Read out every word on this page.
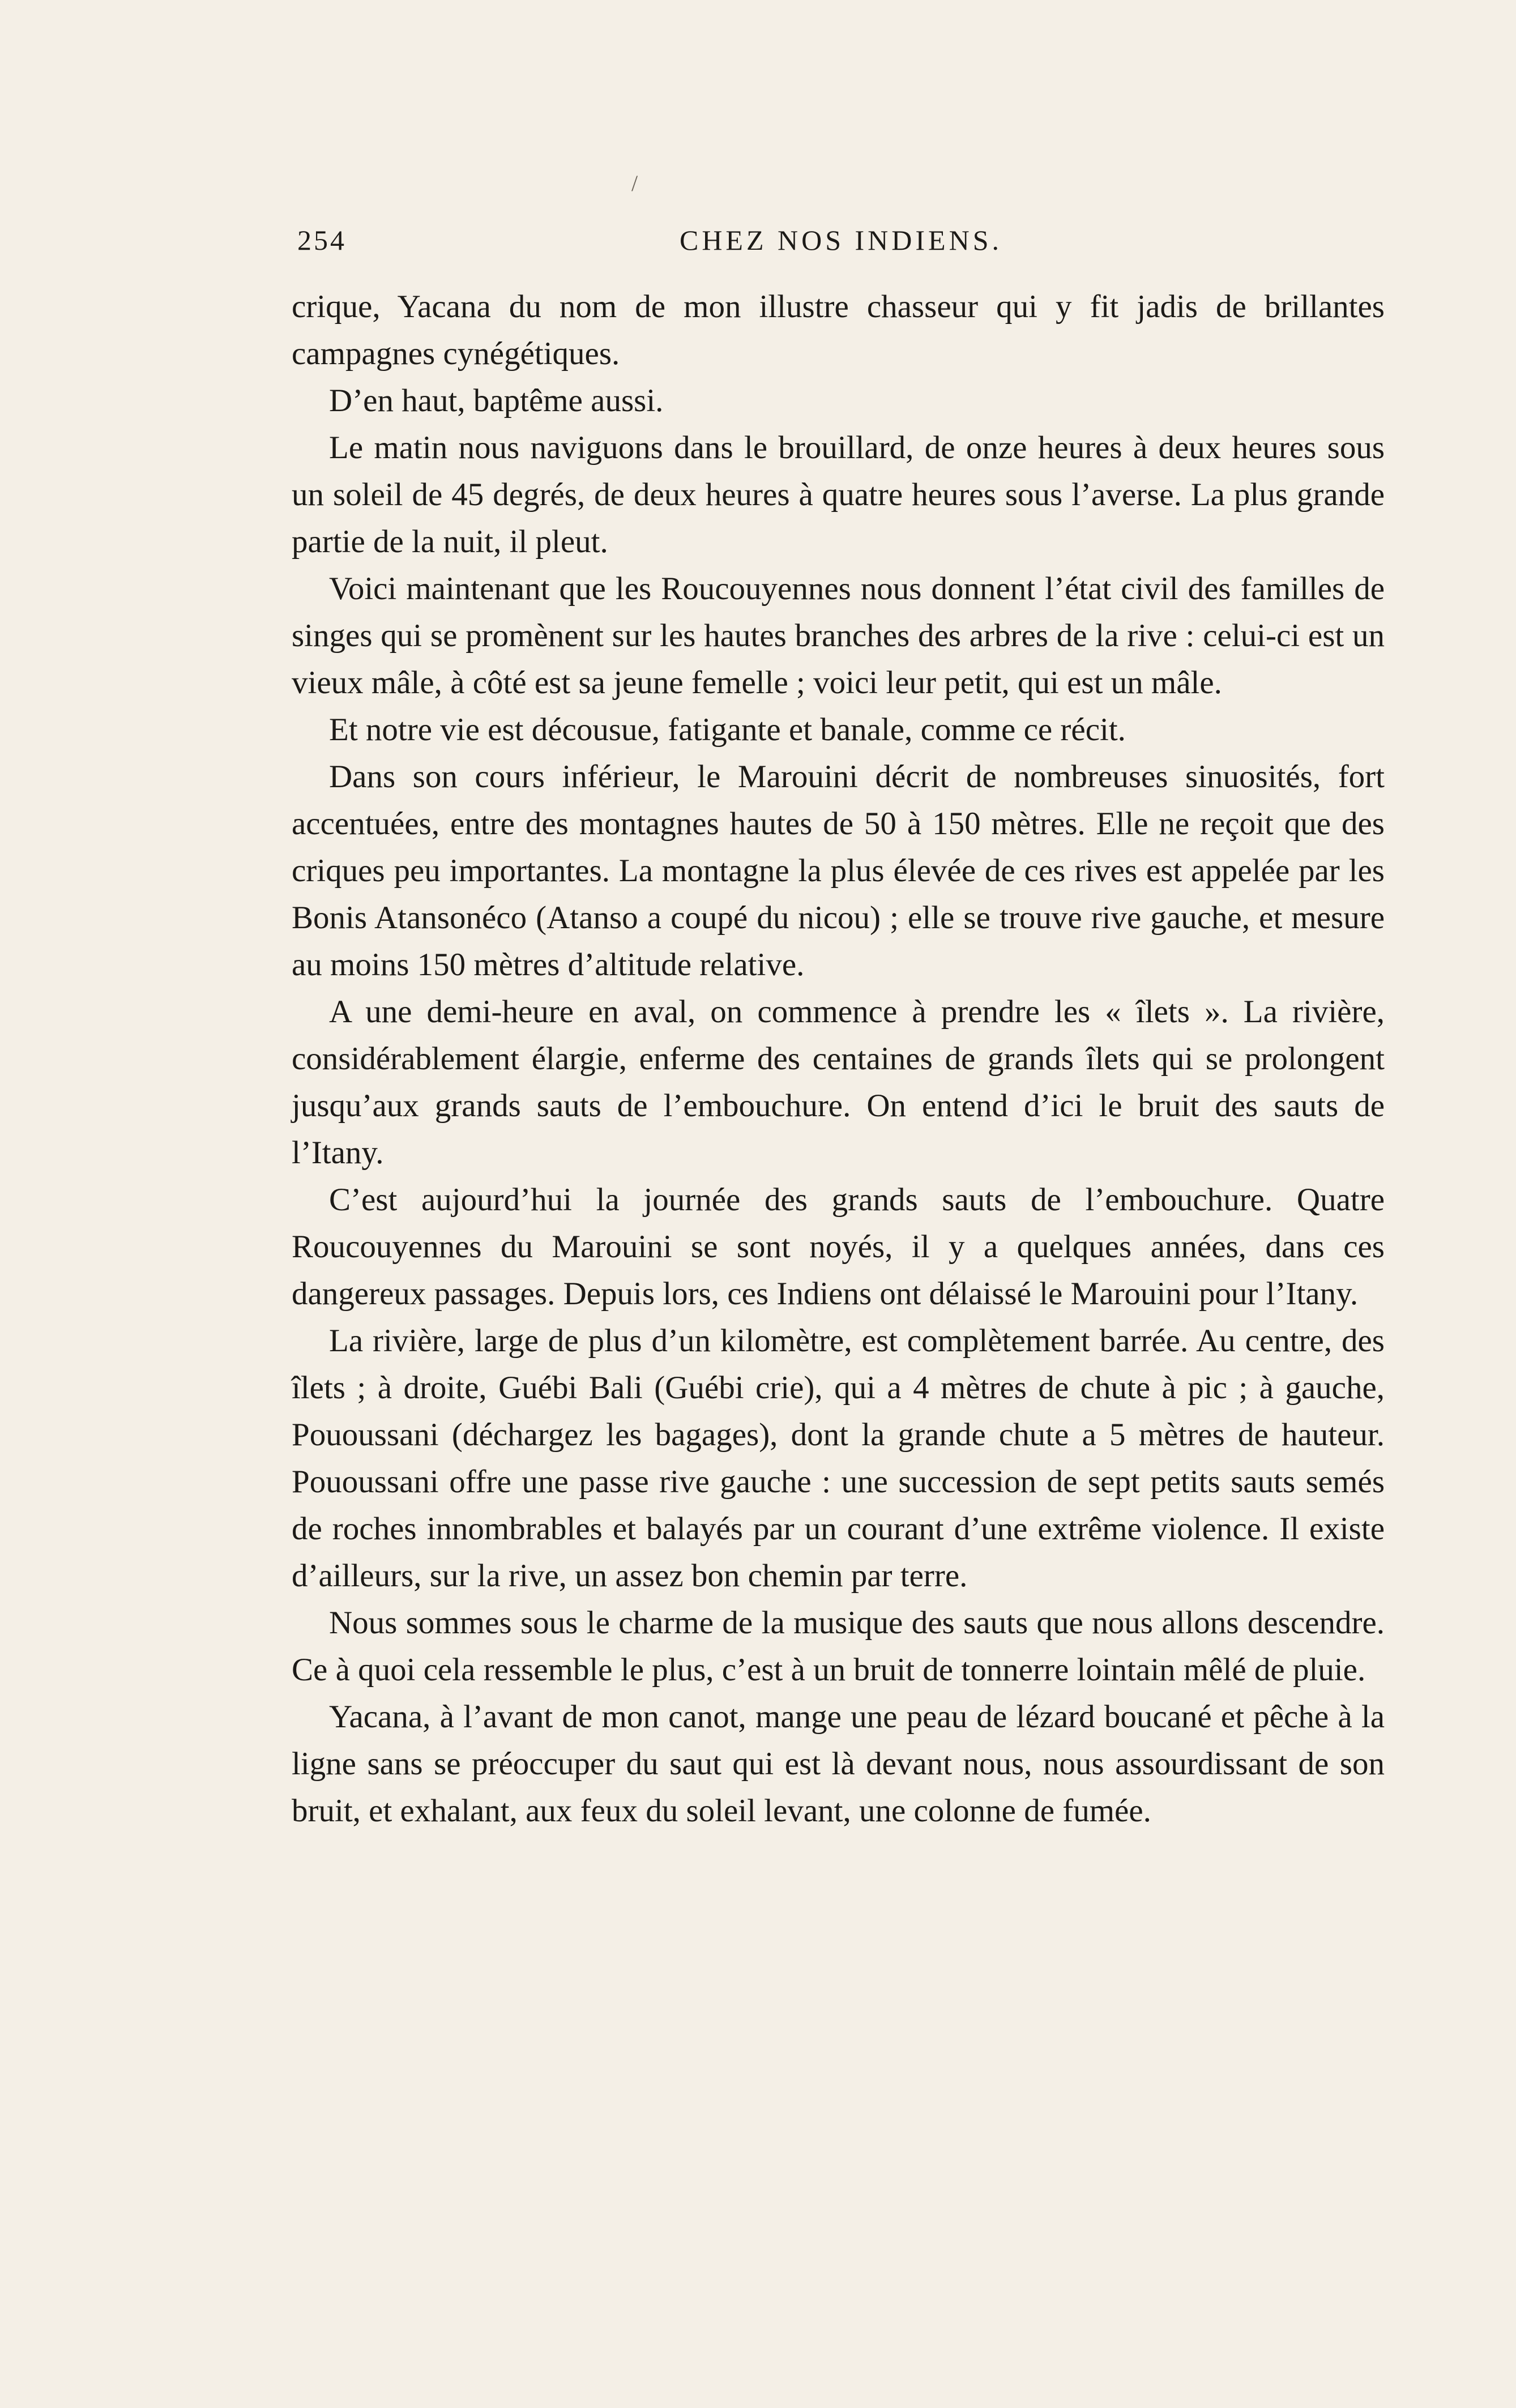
/
254	CHEZ NOS INDIENS.

crique, Yacana du nom de mon illustre chasseur qui y fit jadis de brillantes campagnes cynégétiques.

D’en haut, baptême aussi.

Le matin nous naviguons dans le brouillard, de onze heures à deux heures sous un soleil de 45 degrés, de deux heures à quatre heures sous l’averse. La plus grande partie de la nuit, il pleut.

Voici maintenant que les Roucouyennes nous donnent l’état civil des familles de singes qui se promènent sur les hautes branches des arbres de la rive : celui-ci est un vieux mâle, à côté est sa jeune femelle ; voici leur petit, qui est un mâle.

Et notre vie est décousue, fatigante et banale, comme ce récit.

Dans son cours inférieur, le Marouini décrit de nombreuses sinuosités, fort accentuées, entre des montagnes hautes de 50 à 150 mètres. Elle ne reçoit que des criques peu importantes. La montagne la plus élevée de ces rives est appelée par les Bonis Atansonéco (Atanso a coupé du nicou) ; elle se trouve rive gauche, et mesure au moins 150 mètres d’altitude relative.

A une demi-heure en aval, on commence à prendre les « îlets ». La rivière, considérablement élargie, enferme des centaines de grands îlets qui se prolongent jusqu’aux grands sauts de l’embouchure. On entend d’ici le bruit des sauts de l’Itany.

C’est aujourd’hui la journée des grands sauts de l’embouchure. Quatre Roucouyennes du Marouini se sont noyés, il y a quelques années, dans ces dangereux passages. Depuis lors, ces Indiens ont délaissé le Marouini pour l’Itany.

La rivière, large de plus d’un kilomètre, est complètement barrée. Au centre, des îlets ; à droite, Guébi Bali (Guébi crie), qui a 4 mètres de chute à pic ; à gauche, Pououssani (déchargez les bagages), dont la grande chute a 5 mètres de hauteur. Pououssani offre une passe rive gauche : une succession de sept petits sauts semés de roches innombrables et balayés par un courant d’une extrême violence. Il existe d’ailleurs, sur la rive, un assez bon chemin par terre.

Nous sommes sous le charme de la musique des sauts que nous allons descendre. Ce à quoi cela ressemble le plus, c’est à un bruit de tonnerre lointain mêlé de pluie.

Yacana, à l’avant de mon canot, mange une peau de lézard boucané et pêche à la ligne sans se préoccuper du saut qui est là devant nous, nous assourdissant de son bruit, et exhalant, aux feux du soleil levant, une colonne de fumée.
